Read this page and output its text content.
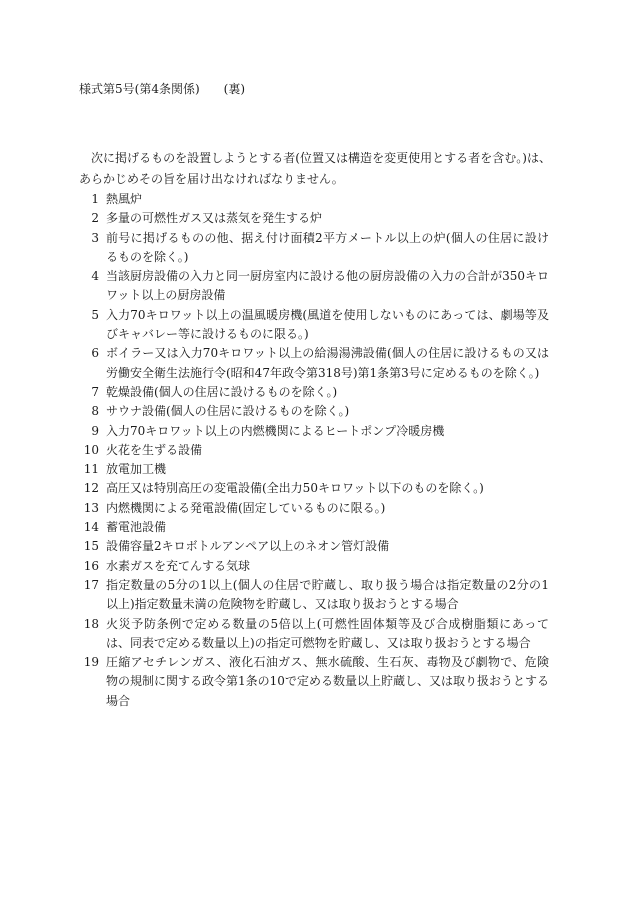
様式第5号(第4条関係)　　(裏)

次に掲げるものを設置しようとする者(位置又は構造を変更使用とする者を含む。)は、あらかじめその旨を届け出なければなりません。

1 熱風炉
2 多量の可燃性ガス又は蒸気を発生する炉
3 前号に掲げるものの他、据え付け面積2平方メートル以上の炉(個人の住居に設けるものを除く。)
4 当該厨房設備の入力と同一厨房室内に設ける他の厨房設備の入力の合計が350キロワット以上の厨房設備
5 入力70キロワット以上の温風暖房機(風道を使用しないものにあっては、劇場等及びキャバレー等に設けるものに限る。)
6 ボイラー又は入力70キロワット以上の給湯湯沸設備(個人の住居に設けるもの又は労働安全衛生法施行令(昭和47年政令第318号)第1条第3号に定めるものを除く。)
7 乾燥設備(個人の住居に設けるものを除く。)
8 サウナ設備(個人の住居に設けるものを除く。)
9 入力70キロワット以上の内燃機関によるヒートポンプ冷暖房機
10 火花を生ずる設備
11 放電加工機
12 高圧又は特別高圧の変電設備(全出力50キロワット以下のものを除く。)
13 内燃機関による発電設備(固定しているものに限る。)
14 蓄電池設備
15 設備容量2キロボトルアンペア以上のネオン管灯設備
16 水素ガスを充てんする気球
17 指定数量の5分の1以上(個人の住居で貯蔵し、取り扱う場合は指定数量の2分の1以上)指定数量未満の危険物を貯蔵し、又は取り扱おうとする場合
18 火災予防条例で定める数量の5倍以上(可燃性固体類等及び合成樹脂類にあっては、同表で定める数量以上)の指定可燃物を貯蔵し、又は取り扱おうとする場合
19 圧縮アセチレンガス、液化石油ガス、無水硫酸、生石灰、毒物及び劇物で、危険物の規制に関する政令第1条の10で定める数量以上貯蔵し、又は取り扱おうとする場合
